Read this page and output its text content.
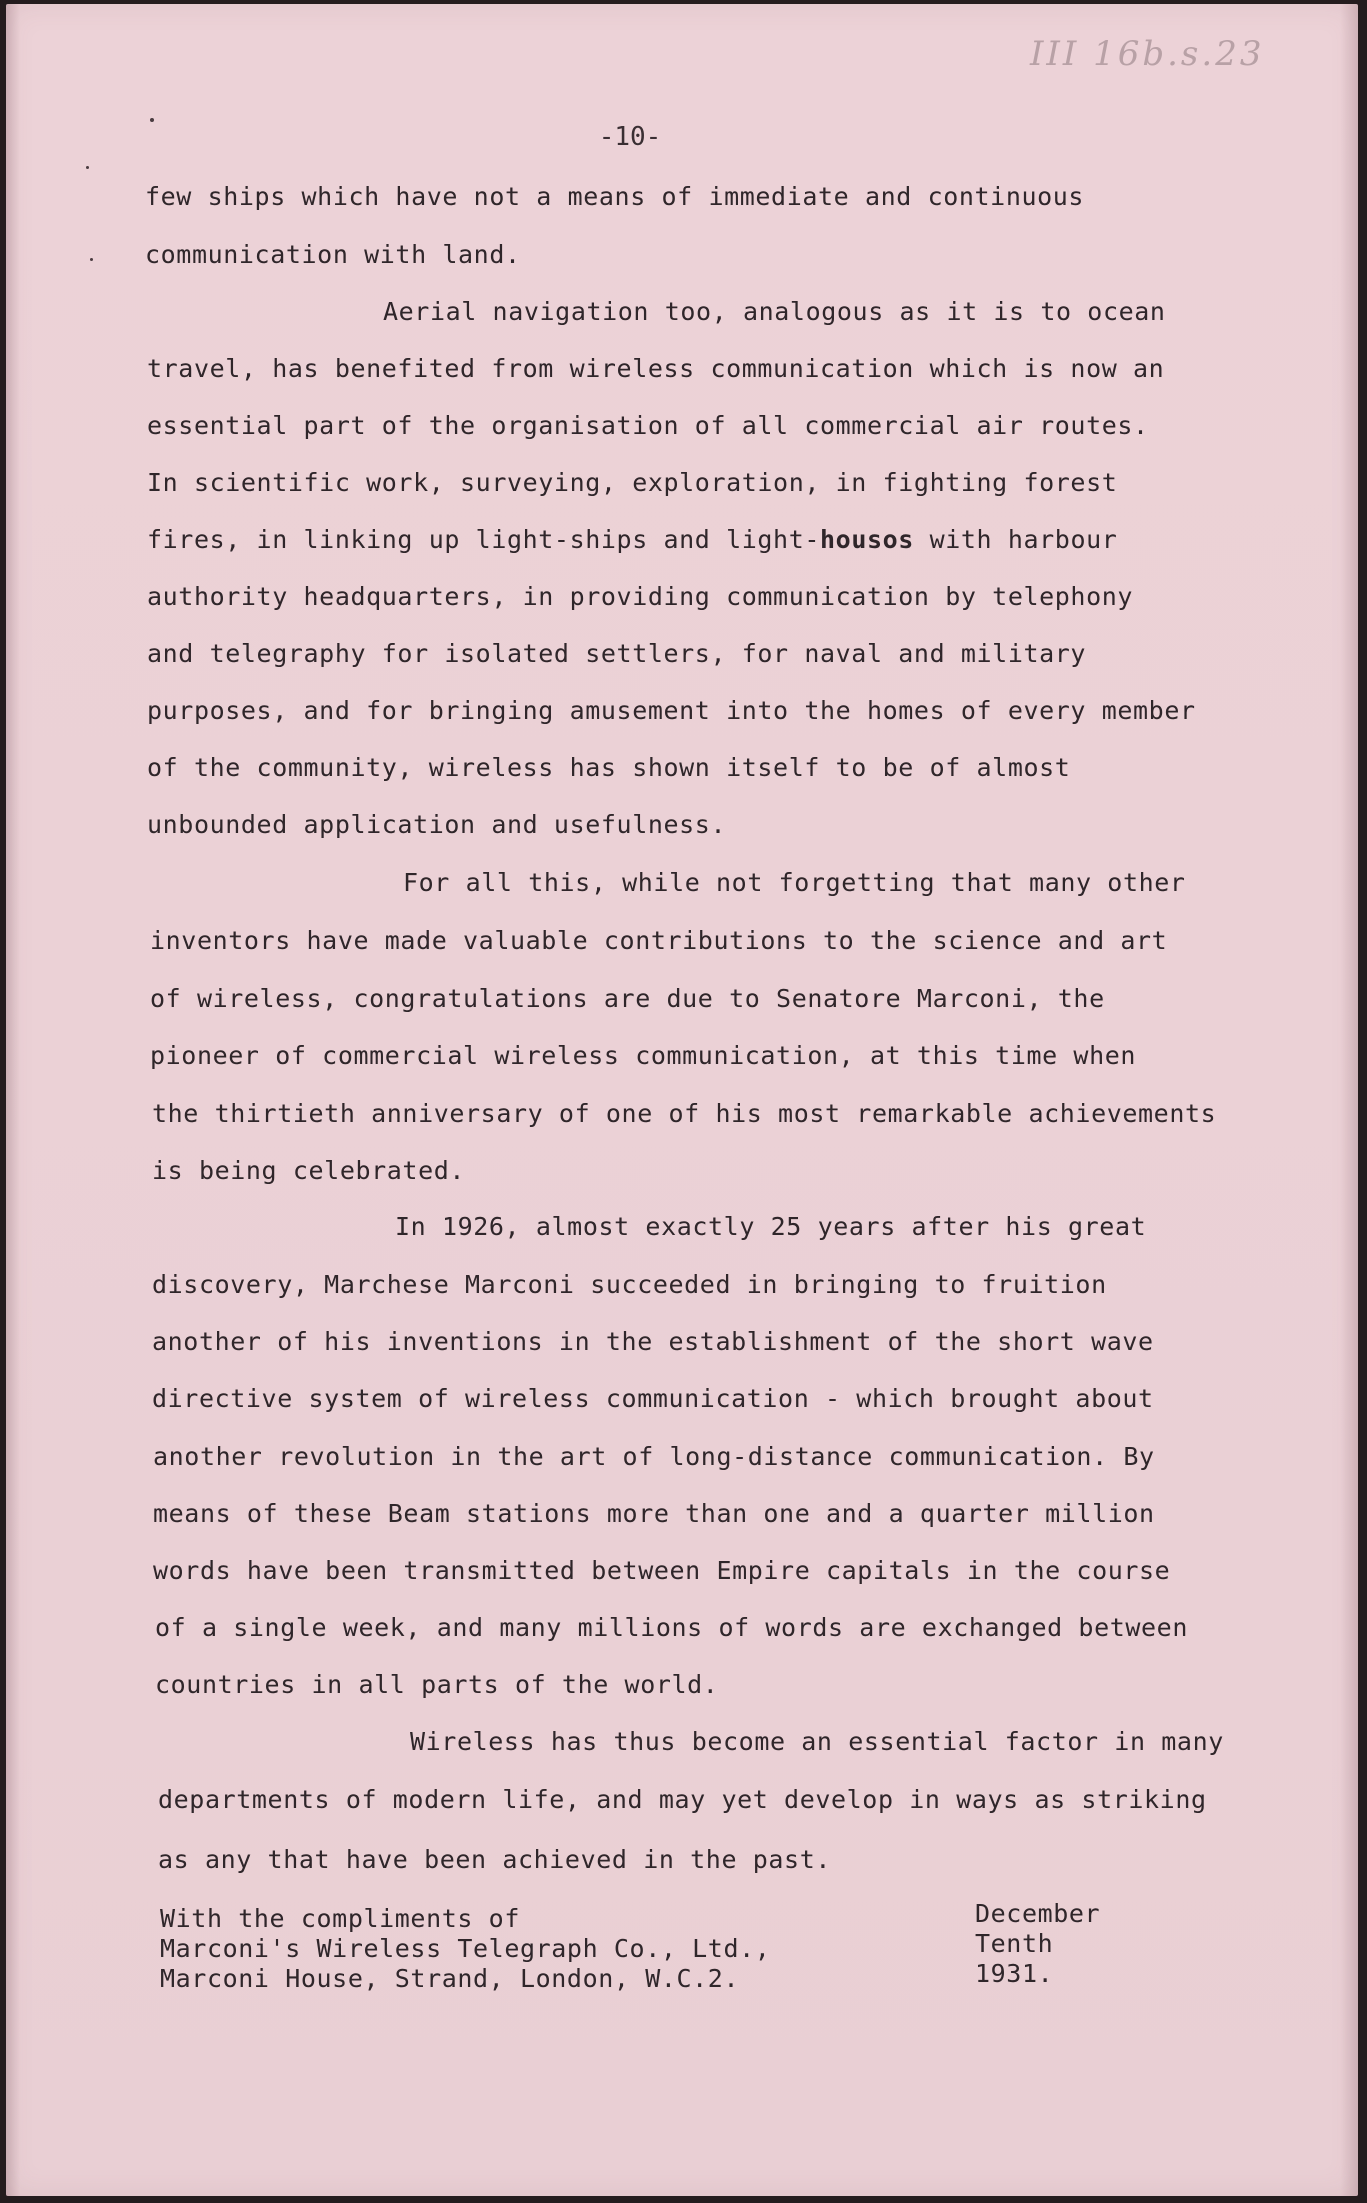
III 16b.s.23
-10-
few ships which have not a means of immediate and continuous
communication with land.
Aerial navigation too, analogous as it is to ocean
travel, has benefited from wireless communication which is now an
essential part of the organisation of all commercial air routes.
In scientific work, surveying, exploration, in fighting forest
fires, in linking up light-ships and light-housos with harbour
authority headquarters, in providing communication by telephony
and telegraphy for isolated settlers, for naval and military
purposes, and for bringing amusement into the homes of every member
of the community, wireless has shown itself to be of almost
unbounded application and usefulness.
For all this, while not forgetting that many other
inventors have made valuable contributions to the science and art
of wireless, congratulations are due to Senatore Marconi, the
pioneer of commercial wireless communication, at this time when
the thirtieth anniversary of one of his most remarkable achievements
is being celebrated.
In 1926, almost exactly 25 years after his great
discovery, Marchese Marconi succeeded in bringing to fruition
another of his inventions in the establishment of the short wave
directive system of wireless communication - which brought about
another revolution in the art of long-distance communication. By
means of these Beam stations more than one and a quarter million
words have been transmitted between Empire capitals in the course
of a single week, and many millions of words are exchanged between
countries in all parts of the world.
Wireless has thus become an essential factor in many
departments of modern life, and may yet develop in ways as striking
as any that have been achieved in the past.
With the compliments of
Marconi's Wireless Telegraph Co., Ltd.,
Marconi House, Strand, London, W.C.2.
December
Tenth
1931.
